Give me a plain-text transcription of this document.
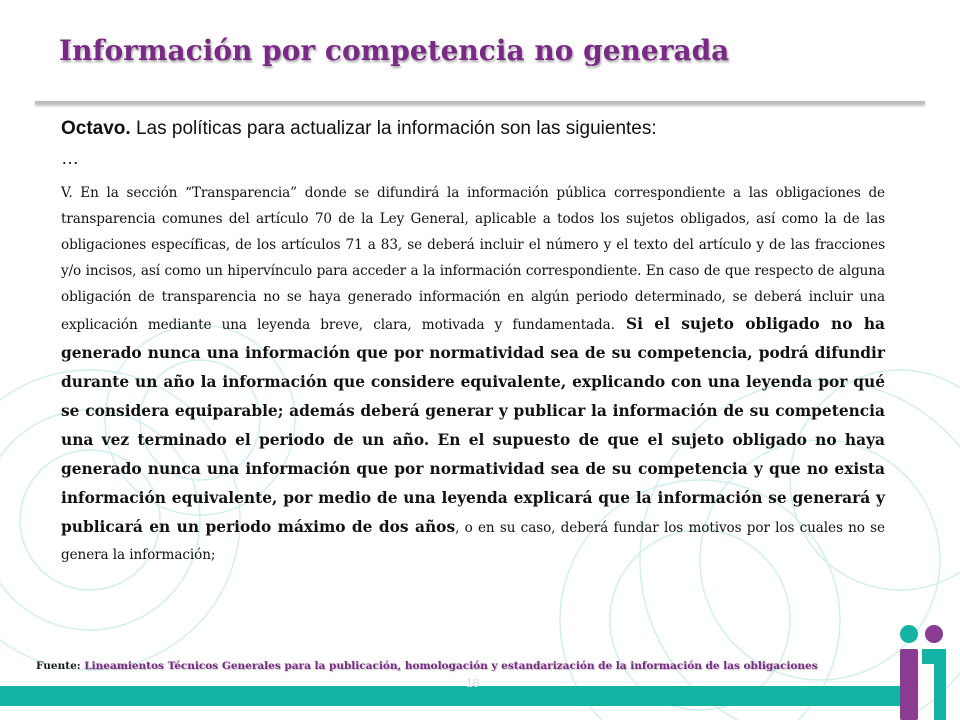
Información por competencia no generada
Octavo. Las políticas para actualizar la información son las siguientes:
…

V. En la sección “Transparencia” donde se difundirá la información pública correspondiente a las obligaciones de transparencia comunes del artículo 70 de la Ley General, aplicable a todos los sujetos obligados, así como la de las obligaciones específicas, de los artículos 71 a 83, se deberá incluir el número y el texto del artículo y de las fracciones y/o incisos, así como un hipervínculo para acceder a la información correspondiente. En caso de que respecto de alguna obligación de transparencia no se haya generado información en algún periodo determinado, se deberá incluir una explicación mediante una leyenda breve, clara, motivada y fundamentada. Si el sujeto obligado no ha generado nunca una información que por normatividad sea de su competencia, podrá difundir durante un año la información que considere equivalente, explicando con una leyenda por qué se considera equiparable; además deberá generar y publicar la información de su competencia una vez terminado el periodo de un año. En el supuesto de que el sujeto obligado no haya generado nunca una información que por normatividad sea de su competencia y que no exista información equivalente, por medio de una leyenda explicará que la información se generará y publicará en un periodo máximo de dos años, o en su caso, deberá fundar los motivos por los cuales no se genera la información;

Fuente: Lineamientos Técnicos Generales para la publicación, homologación y estandarización de la información de las obligaciones
18
